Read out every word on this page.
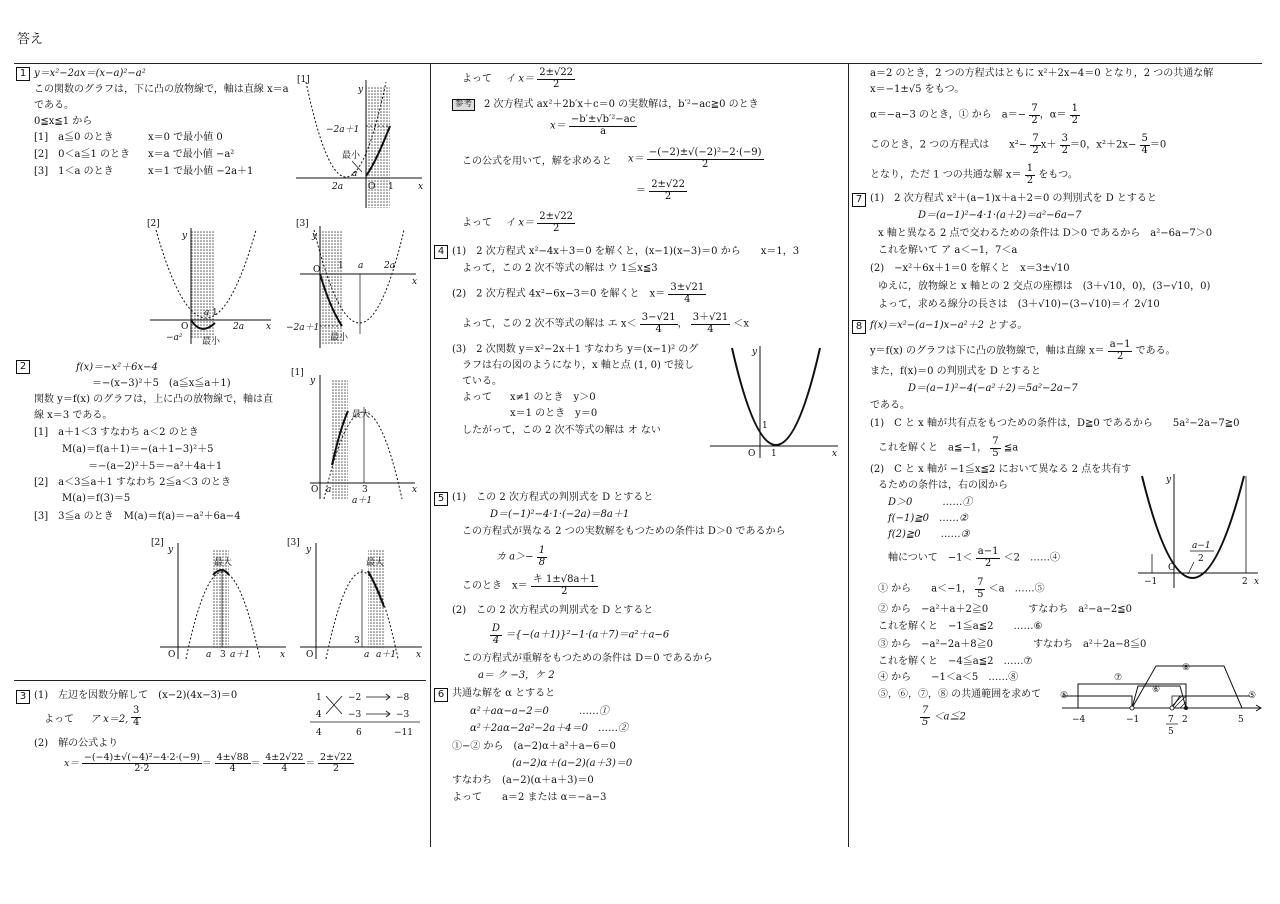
答え
1 y＝x²−2ax＝(x−a)²−a²
この関数のグラフは，下に凸の放物線で，軸は直線 x＝a
である。
0≦x≦1 から
[1]　a≦0 のとき	x＝0 で最小値 0
[2]　0＜a≦1 のとき x＝a で最小値 −a²
[3]　1＜a のとき	x＝1 で最小値 −2a＋1
[1]
y
x
O 1
2a
a
−2a＋1
最小
[2]
y
x
O
a 1
2a
−a² 最小
[3]
y
x
O 1 a 2a
−2a＋1
最小
2	f(x)＝−x²＋6x−4
＝−(x−3)²＋5　(a≦x≦a＋1)
関数 y＝f(x) のグラフは，上に凸の放物線で，軸は直
線 x＝3 である。
[1]　a＋1＜3 すなわち a＜2 のとき
M(a)＝f(a＋1)＝−(a＋1−3)²＋5
＝−(a−2)²＋5＝−a²＋4a＋1
[2]　a＜3≦a＋1 すなわち 2≦a＜3 のとき
M(a)＝f(3)＝5
[3]　3≦a のとき　M(a)＝f(a)＝−a²＋6a−4
[1]
y
x
O a	3
a＋1
最大
[2]
y
x
O	a 3 a＋1
最大
[3]
y
x
O
3
a a＋1
最大
3 (1)　左辺を因数分解して　(x−2)(4x−3)＝0
よって ア x＝2, $\frac{3}{4}$
(2)　解の公式より
1	−2	−8
4	−3	−3
4	6	−11
$x= \frac{\text{−(−4)±√(−4)²−4·2·(−9)}}{2\cdot 2} = \frac{4\pm√88}{4} = \frac{4\pm 2√22}{4} = \frac{2\pm√22}{2}$
よって　 イ $x= \frac{2\pm√22}{2}$
参考	2 次方程式 ax²＋2b′x＋c＝0 の実数解は，b′²−ac≧0 のとき
$x= \frac{\text{−b′±√b′²−ac}}{a}$
この公式を用いて，解を求めると $x= \frac{\text{−(−2)±√(−2)²−2·(−9)}}{2}$
＝ $\frac{2\pm√22}{2}$
よって　 イ $x= \frac{2\pm√22}{2}$
4 (1)　2 次方程式 x²−4x＋3＝0 を解くと，(x−1)(x−3)＝0 から　　x＝1，3
よって，この 2 次不等式の解は ウ 1≦x≦3
(2)　2 次方程式 4x²−6x−3＝0 を解くと　$x= \frac{3\pm√21}{4}$
よって，この 2 次不等式の解は エ $x< \frac{3-√21}{4}$ ， $\frac{3+√21}{4} <x$
(3)　2 次関数 y＝x²−2x＋1 すなわち y＝(x−1)² のグ
ラフは右の図のようになり，x 軸と点 (1, 0) で接し
ている。
よって x≠1 のとき　y＞0
x＝1 のとき　y＝0
したがって，この 2 次不等式の解は オ ない
y
x
O 1
1
5 (1)　この 2 次方程式の判別式を D とすると
D＝(−1)²−4·1·(−2a)＝8a＋1
この方程式が異なる 2 つの実数解をもつための条件は D＞0 であるから
カ $a>- \frac{1}{8}$
このとき　$x= \frac{\text{キ 1±√8a＋1}}{2}$
(2)　この 2 次方程式の判別式を D とすると
$\frac{D}{4} =\{-(a+1)\}^2-1\cdot(a+7)=a^2+a-6$
この方程式が重解をもつための条件は D＝0 であるから
a＝ ク −3，ケ 2
6 共通な解を α とすると
α²＋aα−a−2＝0　　　……①
α²＋2aα−2a²−2a＋4＝0　……②
①−② から　(a−2)α＋a²＋a−6＝0
(a−2)α＋(a−2)(a＋3)＝0
すなわち　(a−2)(α＋a＋3)＝0
よって　　a＝2 または α＝−a−3
a＝2 のとき，2 つの方程式はともに x²＋2x−4＝0 となり，2 つの共通な解
x＝−1±√5 をもつ。
α＝−a−3 のとき，① から　$a=- \frac{7}{2}$ ，$\alpha= \frac{1}{2}$
このとき，2 つの方程式は　　$x^2- \frac{7}{2} x+ \frac{3}{2} =0$，$x^2+2x- \frac{5}{4} =0$
となり，ただ 1 つの共通な解 $x= \frac{1}{2}$ をもつ。
7 (1)　2 次方程式 x²＋(a−1)x＋a＋2＝0 の判別式を D とすると
D＝(a−1)²−4·1·(a＋2)＝a²−6a−7
x 軸と異なる 2 点で交わるための条件は D＞0 であるから　a²−6a−7＞0
これを解いて ア a＜−1，7＜a
(2)　−x²＋6x＋1＝0 を解くと　x＝3±√10
ゆえに，放物線と x 軸との 2 交点の座標は　(3＋√10，0)，(3−√10，0)
よって，求める線分の長さは　(3＋√10)−(3−√10)＝イ 2√10
8 f(x)＝x²−(a−1)x−a²＋2 とする。
y＝f(x) のグラフは下に凸の放物線で，軸は直線 $x= \frac{a-1}{2}$ である。
また，f(x)＝0 の判別式を D とすると
D＝(a−1)²−4(−a²＋2)＝5a²−2a−7
である。
(1)　C と x 軸が共有点をもつための条件は，D≧0 であるから　　5a²−2a−7≧0
これを解くと　a≦−1， $\frac{7}{5}$ ≦a
(2)　C と x 軸が −1≦x≦2 において異なる 2 点を共有す
るための条件は，右の図から
D＞0　　　……①
f(−1)≧0　……②
f(2)≧0　　……③
軸について　$-1< \frac{a-1}{2} <2$　……④
① から　　a＜−1， $\frac{7}{5} <a$　……⑤
② から　−a²＋a＋2≧0　　　　すなわち　a²−a−2≦0
これを解くと　−1≦a≦2　　……⑥
③ から　−a²−2a＋8≧0　　　　すなわち　a²＋2a−8≦0
これを解くと　−4≦a≦2　……⑦
④ から　　−1＜a＜5　……⑧
⑤，⑥，⑦，⑧ の共通範囲を求めて
$\frac{7}{5}$ ＜a≦2
y
x
O
−1	2
a−1
2
−4	−1	7
5
2	5
⑤	⑤
⑥
⑦
⑧
